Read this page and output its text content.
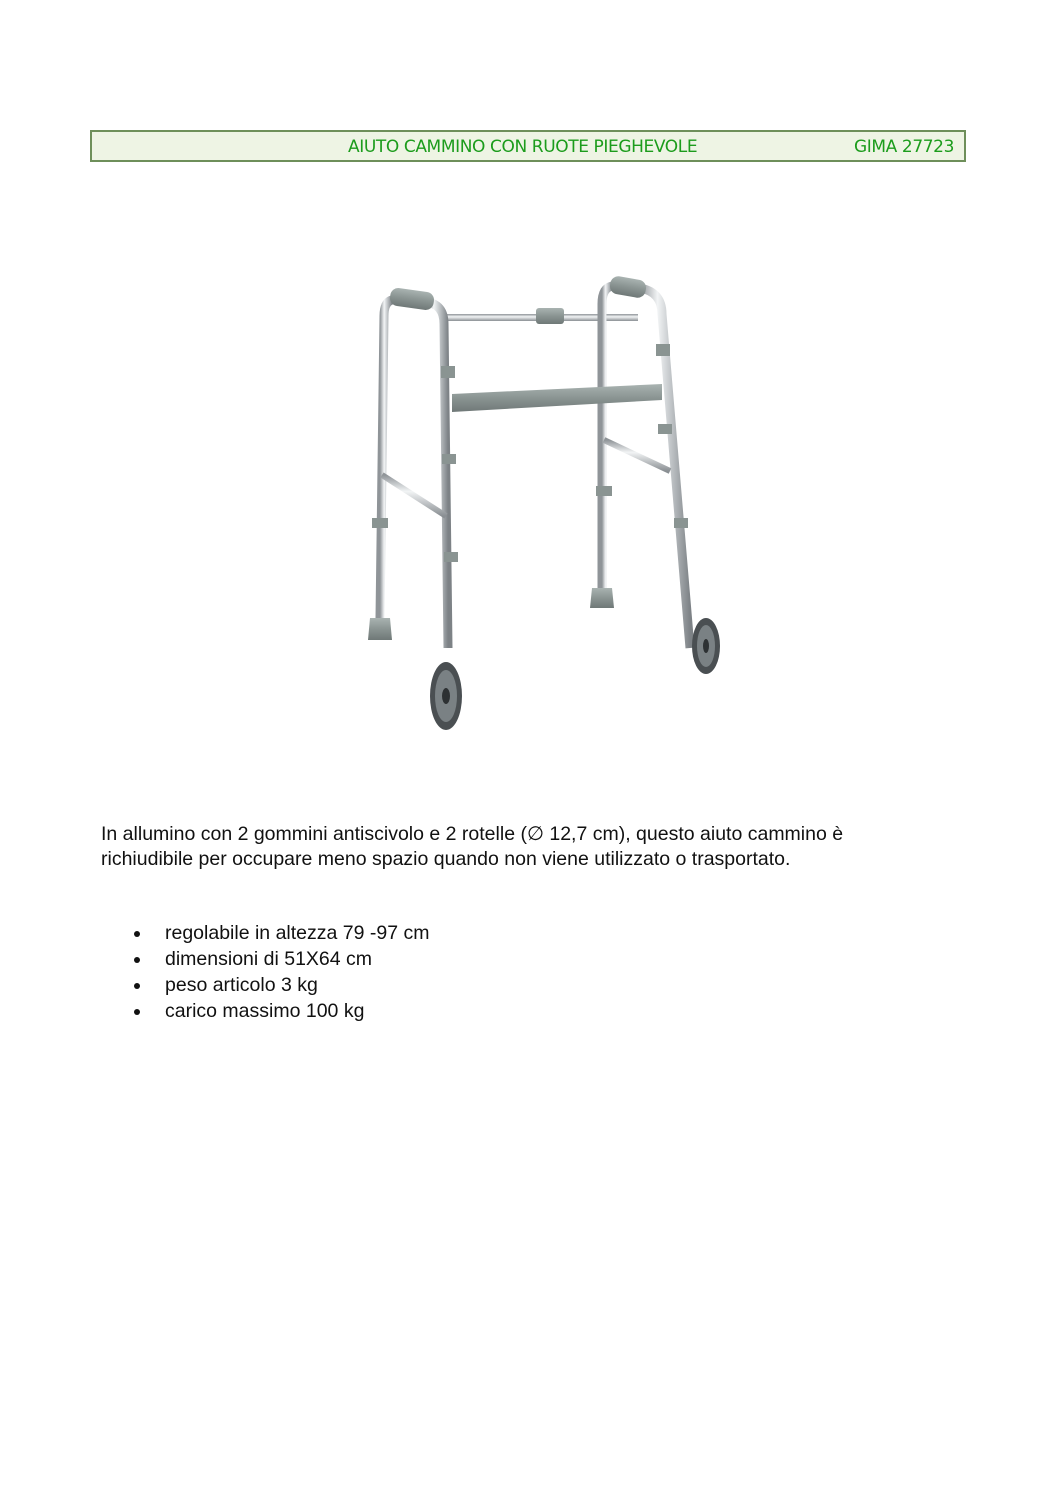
AIUTO CAMMINO CON RUOTE PIEGHEVOLE	GIMA 27723

In allumino con 2 gommini antiscivolo e 2 rotelle (∅ 12,7 cm), questo aiuto cammino è

richiudibile per occupare meno spazio quando non viene utilizzato o trasportato.

regolabile in altezza 79 -97 cm
dimensioni di 51X64 cm
peso articolo 3 kg
carico massimo 100 kg
